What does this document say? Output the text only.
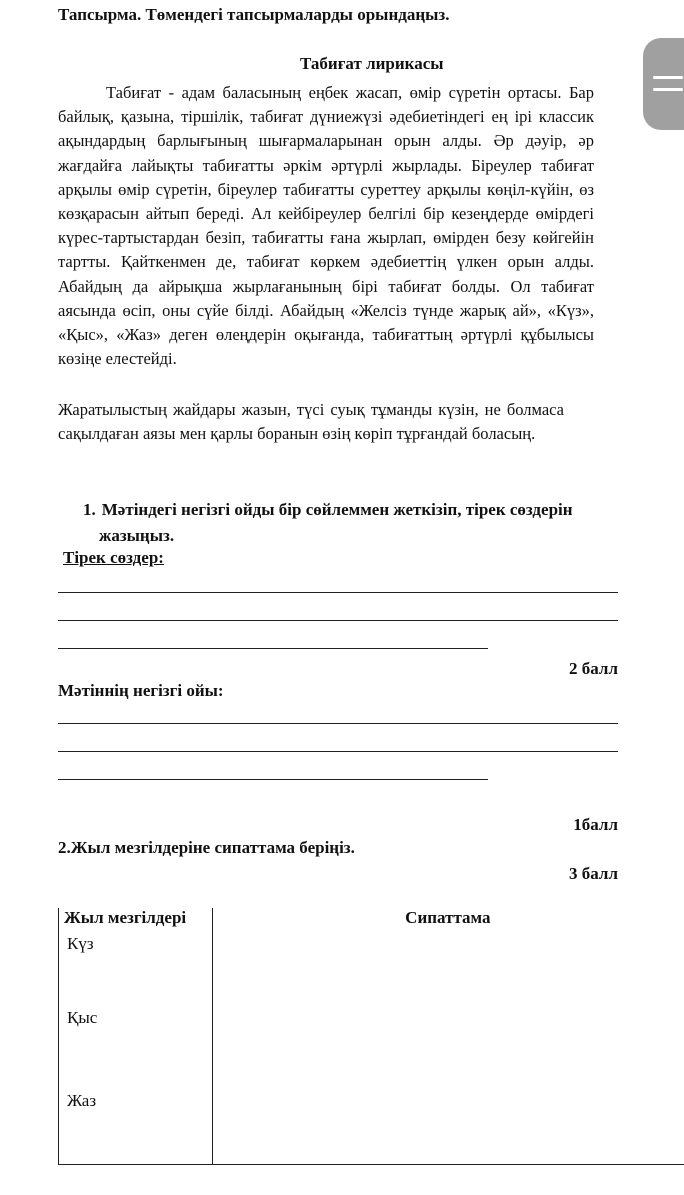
Тапсырма. Төмендегі тапсырмаларды орындаңыз.
Табиғат лирикасы

Табиғат - адам баласының еңбек жасап, өмір сүретін ортасы. Бар байлық, қазына, тіршілік, табиғат дүниежүзі әдебиетіндегі ең ірі классик ақындардың барлығының шығармаларынан орын алды. Әр дәуір, әр жағдайға лайықты табиғатты әркім әртүрлі жырлады. Біреулер табиғат арқылы өмір сүретін, біреулер табиғатты суреттеу арқылы көңіл-күйін, өз көзқарасын айтып береді. Ал кейбіреулер белгілі бір кезеңдерде өмірдегі күрес-тартыстардан безіп, табиғатты ғана жырлап, өмірден безу көйгейін тартты. Қайткенмен де, табиғат көркем әдебиеттің үлкен орын алды. Абайдың да айрықша жырлағанының бірі табиғат болды. Ол табиғат аясында өсіп, оны сүйе білді. Абайдың «Желсіз түнде жарық ай», «Күз», «Қыс», «Жаз» деген өлеңдерін оқығанда, табиғаттың әртүрлі құбылысы көзіңе елестейді.

Жаратылыстың жайдары жазын, түсі суық тұманды күзін, не болмаса сақылдаған аязы мен қарлы боранын өзің көріп тұрғандай боласың.

1. Мәтіндегі негізгі ойды бір сөйлеммен жеткізіп, тірек сөздерін
жазыңыз.
Тірек сөздер:
2 балл
Мәтіннің негізгі ойы:
1балл
2.Жыл мезгілдеріне сипаттама беріңіз.
3 балл
Жыл мезгілдері	Сипаттама

Күз	

Қыс	

Жаз	
